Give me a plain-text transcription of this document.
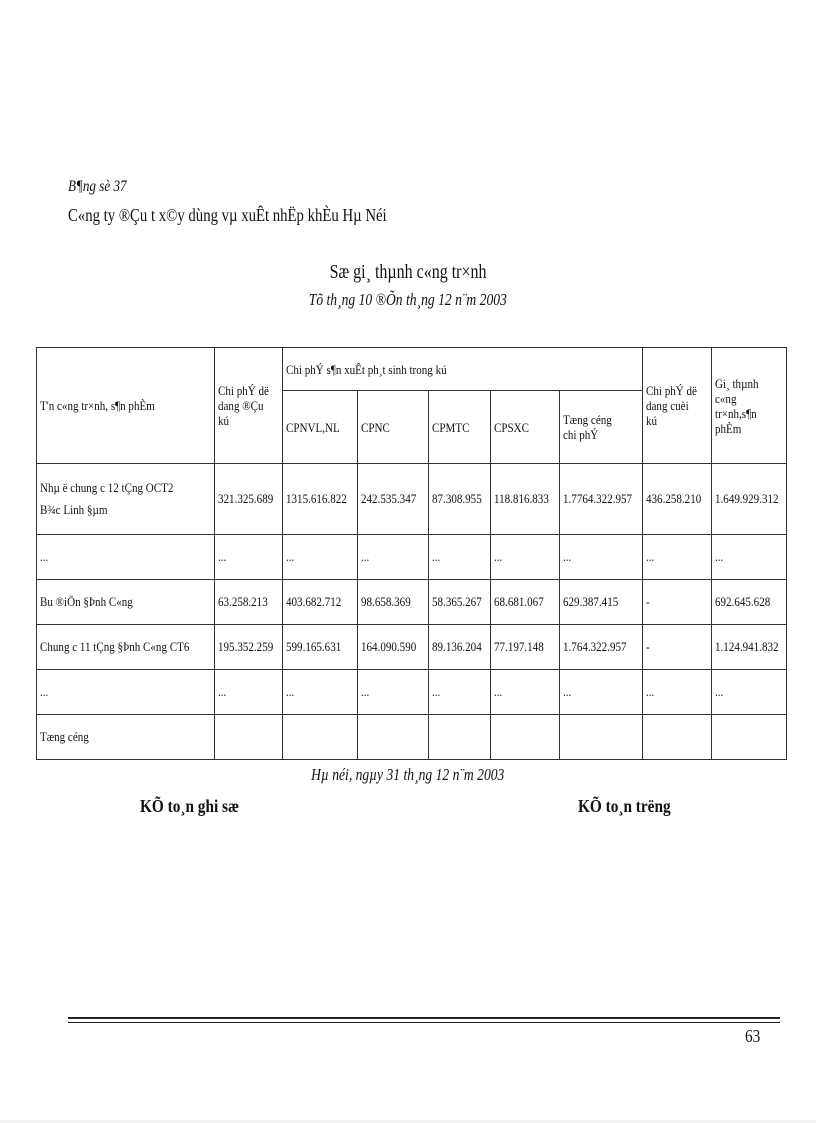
B¶ng sè 37
C«ng ty ®Çu t x©y dùng vµ xuÊt nhËp khÈu Hµ Néi
Sæ gi¸ thµnh c«ng tr×nh
Tõ th¸ng 10 ®Õn th¸ng 12 n¨m 2003
T'n c«ng tr×nh, s¶n phÈm	Chi phÝ dë dang ®Çu kú	Chi phÝ s¶n xuÊt ph¸t sinh trong kú					Chi phÝ dë dang cuèi kú	Gi¸ thµnh c«ng tr×nh,s¶n phÈm
		CPNVL,NL	CPNC	CPMTC	CPSXC	Tæng céng chi phÝ		
Nhµ ë chung c 12 tÇng OCT2 B¾c Linh §µm	321.325.689	1315.616.822	242.535.347	87.308.955	118.816.833	1.7764.322.957	436.258.210	1.649.929.312
...	...	...	...	...	...	...	...	...
Bu ®iÖn §Þnh C«ng	63.258.213	403.682.712	98.658.369	58.365.267	68.681.067	629.387.415	-	692.645.628
Chung c 11 tÇng §Þnh C«ng CT6	195.352.259	599.165.631	164.090.590	89.136.204	77.197.148	1.764.322.957	-	1.124.941.832
...	...	...	...	...	...	...	...	...
Tæng céng								
Hµ néi, ngµy 31 th¸ng 12 n¨m 2003
KÕ to¸n ghi sæ	KÕ to¸n trëng
63
